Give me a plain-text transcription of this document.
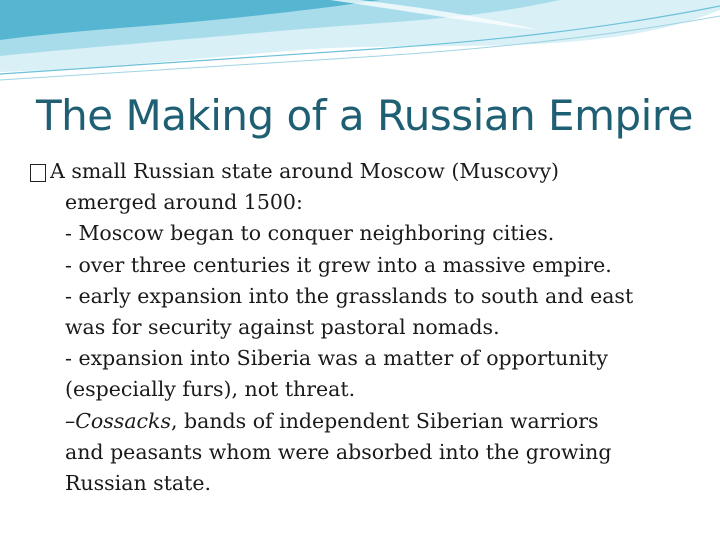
The Making of a Russian Empire
A small Russian state around Moscow (Muscovy)
emerged around 1500:
- Moscow began to conquer neighboring cities.
- over three centuries it grew into a massive empire.
- early expansion into the grasslands to south and east
was for security against pastoral nomads.
- expansion into Siberia was a matter of opportunity
(especially furs), not threat.
–Cossacks, bands of independent Siberian warriors
and peasants whom were absorbed into the growing
Russian state.
